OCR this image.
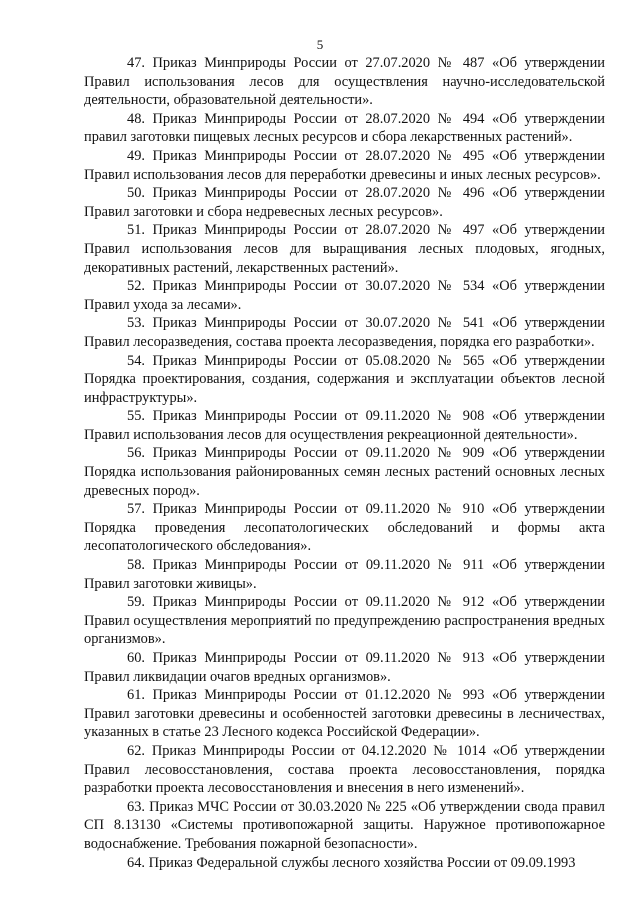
5

47. Приказ Минприроды России от 27.07.2020 № 487 «Об утверждении Правил использования лесов для осуществления научно-исследовательской деятельности, образовательной деятельности».

48. Приказ Минприроды России от 28.07.2020 № 494 «Об утверждении правил заготовки пищевых лесных ресурсов и сбора лекарственных растений».

49. Приказ Минприроды России от 28.07.2020 № 495 «Об утверждении Правил использования лесов для переработки древесины и иных лесных ресурсов».

50. Приказ Минприроды России от 28.07.2020 № 496 «Об утверждении Правил заготовки и сбора недревесных лесных ресурсов».

51. Приказ Минприроды России от 28.07.2020 № 497 «Об утверждении Правил использования лесов для выращивания лесных плодовых, ягодных, декоративных растений, лекарственных растений».

52. Приказ Минприроды России от 30.07.2020 № 534 «Об утверждении Правил ухода за лесами».

53. Приказ Минприроды России от 30.07.2020 № 541 «Об утверждении Правил лесоразведения, состава проекта лесоразведения, порядка его разработки».

54. Приказ Минприроды России от 05.08.2020 № 565 «Об утверждении Порядка проектирования, создания, содержания и эксплуатации объектов лесной инфраструктуры».

55. Приказ Минприроды России от 09.11.2020 № 908 «Об утверждении Правил использования лесов для осуществления рекреационной деятельности».

56. Приказ Минприроды России от 09.11.2020 № 909 «Об утверждении Порядка использования районированных семян лесных растений основных лесных древесных пород».

57. Приказ Минприроды России от 09.11.2020 № 910 «Об утверждении Порядка проведения лесопатологических обследований и формы акта лесопатологического обследования».

58. Приказ Минприроды России от 09.11.2020 № 911 «Об утверждении Правил заготовки живицы».

59. Приказ Минприроды России от 09.11.2020 № 912 «Об утверждении Правил осуществления мероприятий по предупреждению распространения вредных организмов».

60. Приказ Минприроды России от 09.11.2020 № 913 «Об утверждении Правил ликвидации очагов вредных организмов».

61. Приказ Минприроды России от 01.12.2020 № 993 «Об утверждении Правил заготовки древесины и особенностей заготовки древесины в лесничествах, указанных в статье 23 Лесного кодекса Российской Федерации».

62. Приказ Минприроды России от 04.12.2020 № 1014 «Об утверждении Правил лесовосстановления, состава проекта лесовосстановления, порядка разработки проекта лесовосстановления и внесения в него изменений».

63. Приказ МЧС России от 30.03.2020 № 225 «Об утверждении свода правил СП 8.13130 «Системы противопожарной защиты. Наружное противопожарное водоснабжение. Требования пожарной безопасности».

64. Приказ Федеральной службы лесного хозяйства России от 09.09.1993
